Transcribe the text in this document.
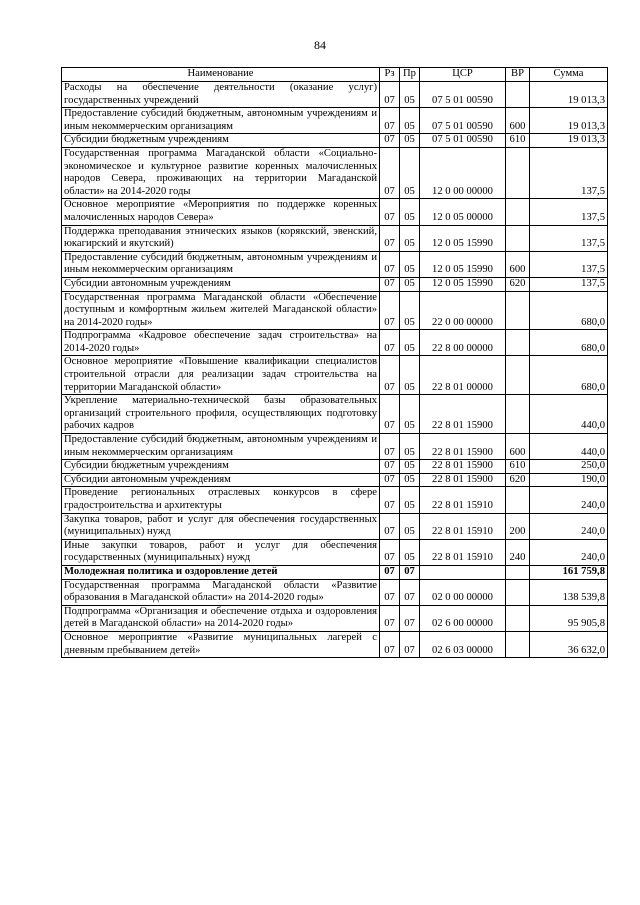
84
Наименование	Рз	Пр	ЦСР	ВР	Сумма
Расходы на обеспечение деятельности (оказание услуг) государственных учреждений	07	05	07 5 01 00590		19 013,3
Предоставление субсидий бюджетным, автономным учреждениям и иным некоммерческим организациям	07	05	07 5 01 00590	600	19 013,3
Субсидии бюджетным учреждениям	07	05	07 5 01 00590	610	19 013,3
Государственная программа Магаданской области «Социально-экономическое и культурное развитие коренных малочисленных народов Севера, проживающих на территории Магаданской области» на 2014-2020 годы	07	05	12 0 00 00000		137,5
Основное мероприятие «Мероприятия по поддержке коренных малочисленных народов Севера»	07	05	12 0 05 00000		137,5
Поддержка преподавания этнических языков (корякский, эвенский, юкагирский и якутский)	07	05	12 0 05 15990		137,5
Предоставление субсидий бюджетным, автономным учреждениям и иным некоммерческим организациям	07	05	12 0 05 15990	600	137,5
Субсидии автономным учреждениям	07	05	12 0 05 15990	620	137,5
Государственная программа Магаданской области «Обеспечение доступным и комфортным жильем жителей Магаданской области» на 2014-2020 годы»	07	05	22 0 00 00000		680,0
Подпрограмма «Кадровое обеспечение задач строительства» на 2014-2020 годы»	07	05	22 8 00 00000		680,0
Основное мероприятие «Повышение квалификации специалистов строительной отрасли для реализации задач строительства на территории Магаданской области»	07	05	22 8 01 00000		680,0
Укрепление материально-технической базы образовательных организаций строительного профиля, осуществляющих подготовку рабочих кадров	07	05	22 8 01 15900		440,0
Предоставление субсидий бюджетным, автономным учреждениям и иным некоммерческим организациям	07	05	22 8 01 15900	600	440,0
Субсидии бюджетным учреждениям	07	05	22 8 01 15900	610	250,0
Субсидии автономным учреждениям	07	05	22 8 01 15900	620	190,0
Проведение региональных отраслевых конкурсов в сфере градостроительства и архитектуры	07	05	22 8 01 15910		240,0
Закупка товаров, работ и услуг для обеспечения государственных (муниципальных) нужд	07	05	22 8 01 15910	200	240,0
Иные закупки товаров, работ и услуг для обеспечения государственных (муниципальных) нужд	07	05	22 8 01 15910	240	240,0
Молодежная политика и оздоровление детей	07	07			161 759,8
Государственная программа Магаданской области «Развитие образования в Магаданской области» на 2014-2020 годы»	07	07	02 0 00 00000		138 539,8
Подпрограмма «Организация и обеспечение отдыха и оздоровления детей в Магаданской области» на 2014-2020 годы»	07	07	02 6 00 00000		95 905,8
Основное мероприятие «Развитие муниципальных лагерей с дневным пребыванием детей»	07	07	02 6 03 00000		36 632,0
